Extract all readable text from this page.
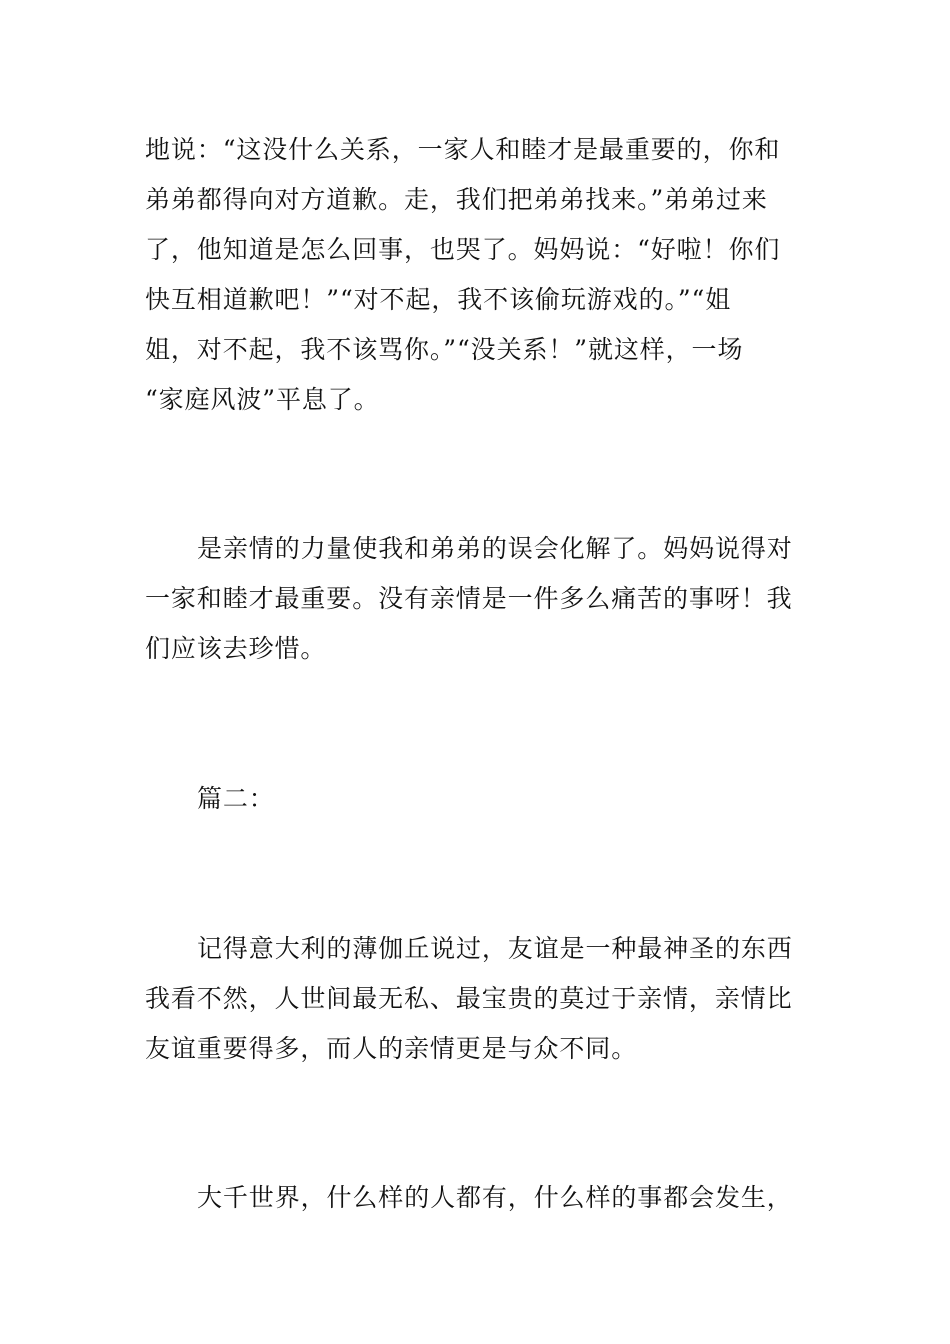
地说：“这没什么关系，一家人和睦才是最重要的，你和
弟弟都得向对方道歉。走，我们把弟弟找来。”弟弟过来
了，他知道是怎么回事，也哭了。妈妈说：“好啦！你们
快互相道歉吧！”“对不起，我不该偷玩游戏的。”“姐
姐，对不起，我不该骂你。”“没关系！”就这样，一场
“家庭风波”平息了。
是亲情的力量使我和弟弟的误会化解了。妈妈说得对
一家和睦才最重要。没有亲情是一件多么痛苦的事呀！我
们应该去珍惜。
篇二：
记得意大利的薄伽丘说过，友谊是一种最神圣的东西
我看不然，人世间最无私、最宝贵的莫过于亲情，亲情比
友谊重要得多，而人的亲情更是与众不同。
大千世界，什么样的人都有，什么样的事都会发生，
